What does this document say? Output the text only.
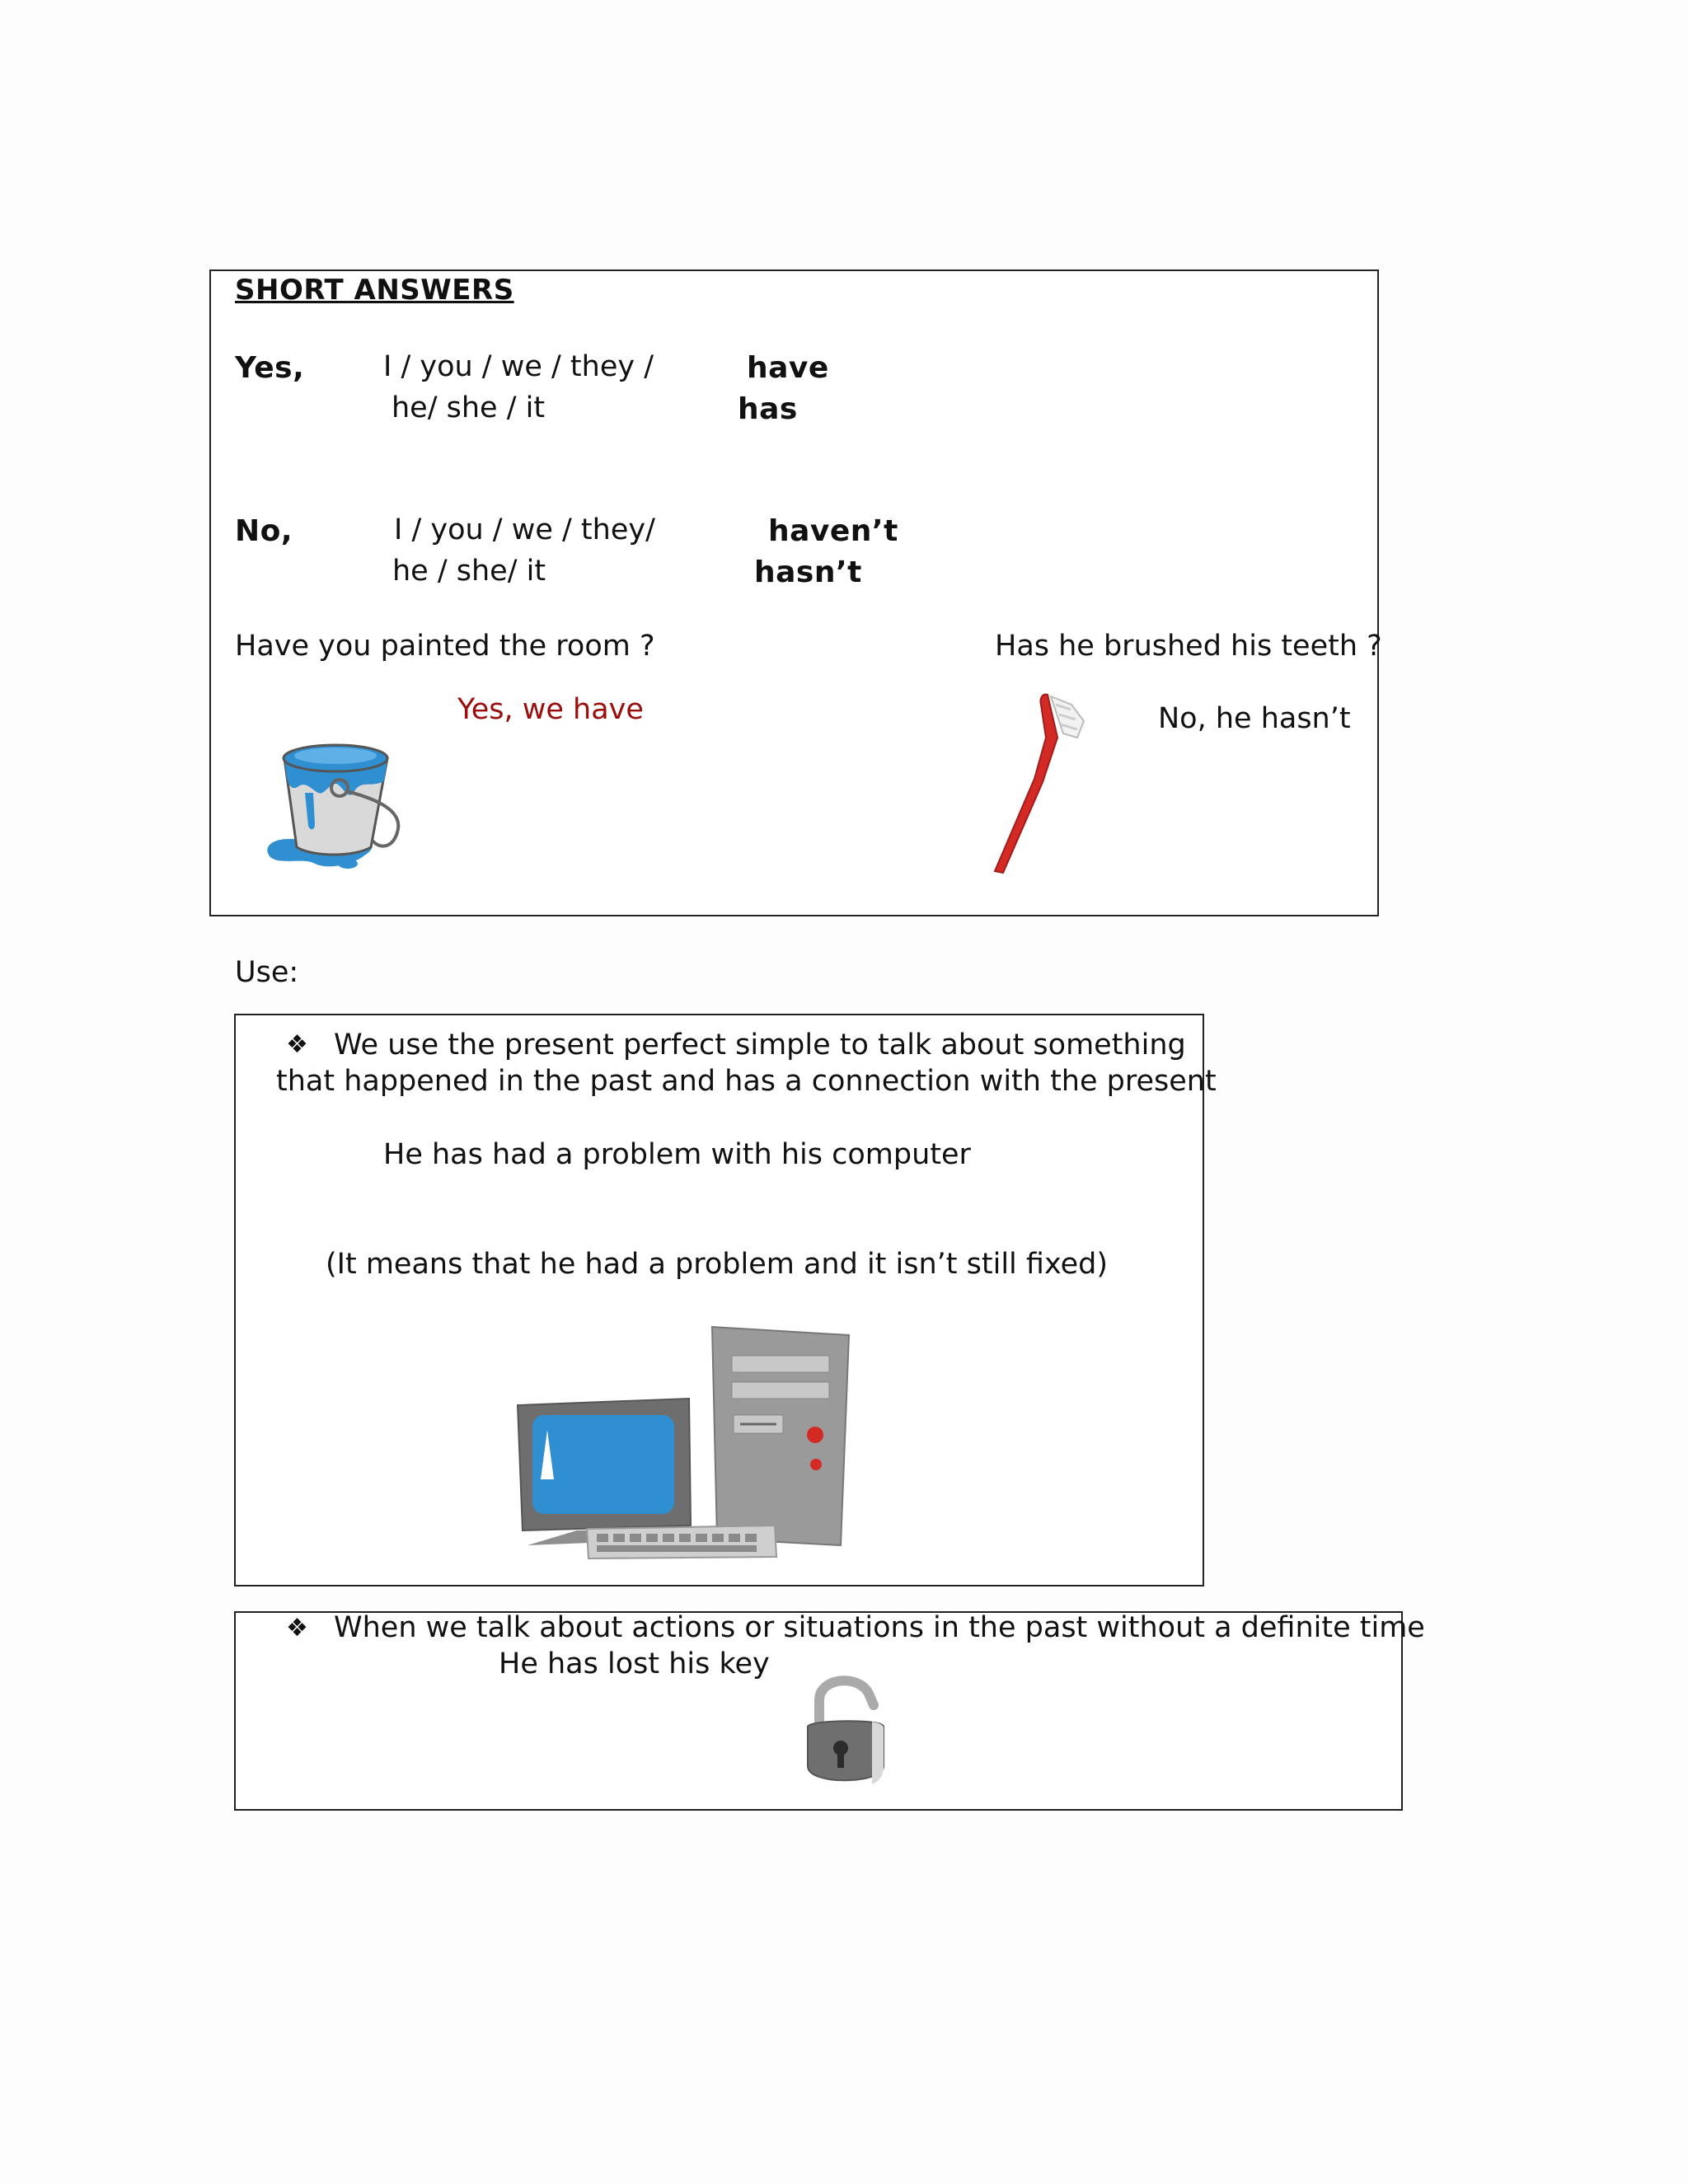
SHORT ANSWERS
Yes,	I / you / we / they /
he/ she / it
have
has
No,	I / you / we / they/
he / she/ it
haven’t
hasn’t
Have you painted the room ?
Yes, we have
Has he brushed his teeth ?
No, he hasn’t
Use:
❖ We use the present perfect simple to talk about something
that happened in the past and has a connection with the present
He has had a problem with his computer
(It means that he had a problem and it isn’t still fixed)
❖ When we talk about actions or situations in the past without a definite time
He has lost his key
